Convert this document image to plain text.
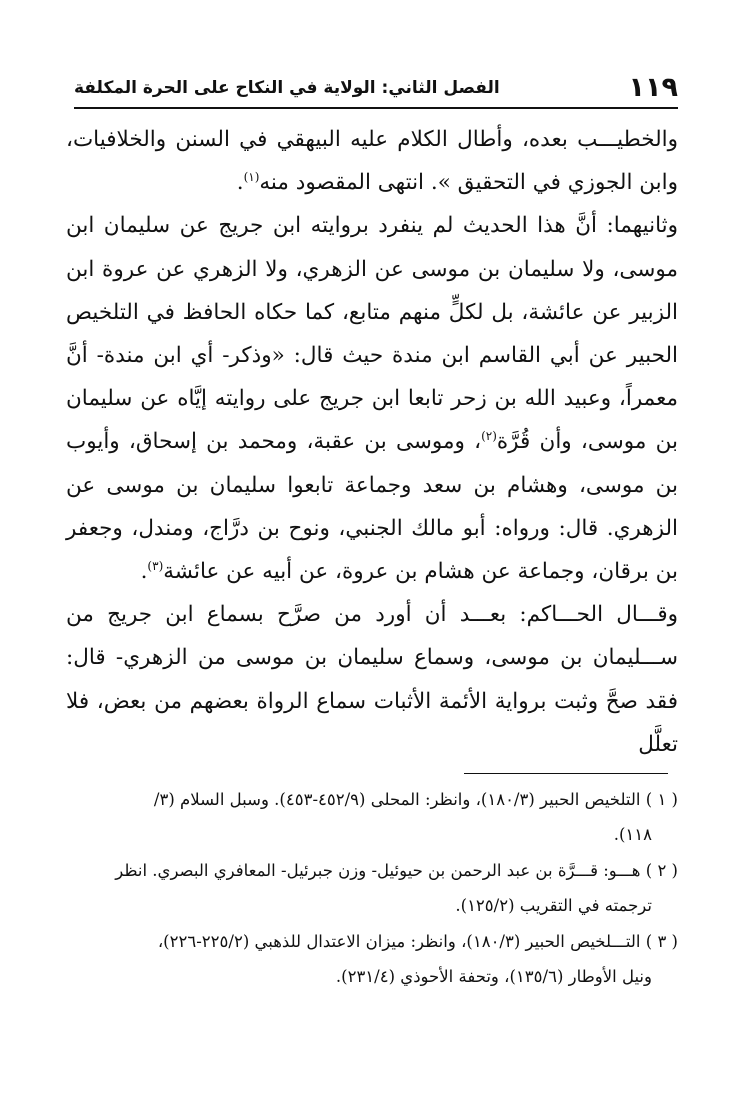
١١٩
الفصل الثاني: الولاية في النكاح على الحرة المكلفة

والخطيـــب بعده، وأطال الكلام عليه البيهقي في السنن والخلافيات، وابن الجوزي في التحقيق ». انتهى المقصود منه$^{(١)}$.

وثانيهما: أنَّ هذا الحديث لم ينفرد بروايته ابن جريج عن سليمان ابن موسى، ولا سليمان بن موسى عن الزهري، ولا الزهري عن عروة ابن الزبير عن عائشة، بل لكلٍّ منهم متابع، كما حكاه الحافظ في التلخيص الحبير عن أبي القاسم ابن مندة حيث قال: «وذكر- أي ابن مندة- أنَّ معمراً، وعبيد الله بن زحر تابعا ابن جريج على روايته إيَّاه عن سليمان بن موسى، وأن قُرَّة$^{(٢)}$، وموسى بن عقبة، ومحمد بن إسحاق، وأيوب بن موسى، وهشام بن سعد وجماعة تابعوا سليمان بن موسى عن الزهري. قال: ورواه: أبو مالك الجنبي، ونوح بن درَّاج، ومندل، وجعفر بن برقان، وجماعة عن هشام بن عروة، عن أبيه عن عائشة$^{(٣)}$.

وقـــال الحـــاكم: بعـــد أن أورد من صرَّح بسماع ابن جريج من ســـليمان بن موسى، وسماع سليمان بن موسى من الزهري- قال: فقد صحَّ وثبت برواية الأئمة الأثبات سماع الرواة بعضهم من بعض، فلا تعلَّل

( ١ ) التلخيص الحبير (١٨٠/٣)، وانظر: المحلى (٤٥٢/٩-٤٥٣). وسبل السلام (٣/
١١٨).

( ٢ ) هـــو: قـــرَّة بن عبد الرحمن بن حيوئيل- وزن جبرئيل- المعافري البصري. انظر
ترجمته في التقريب (١٢٥/٢).

( ٣ ) التـــلخيص الحبير (١٨٠/٣)، وانظر: ميزان الاعتدال للذهبي (٢٢٥/٢-٢٢٦)،
ونيل الأوطار (١٣٥/٦)، وتحفة الأحوذي (٢٣١/٤).
